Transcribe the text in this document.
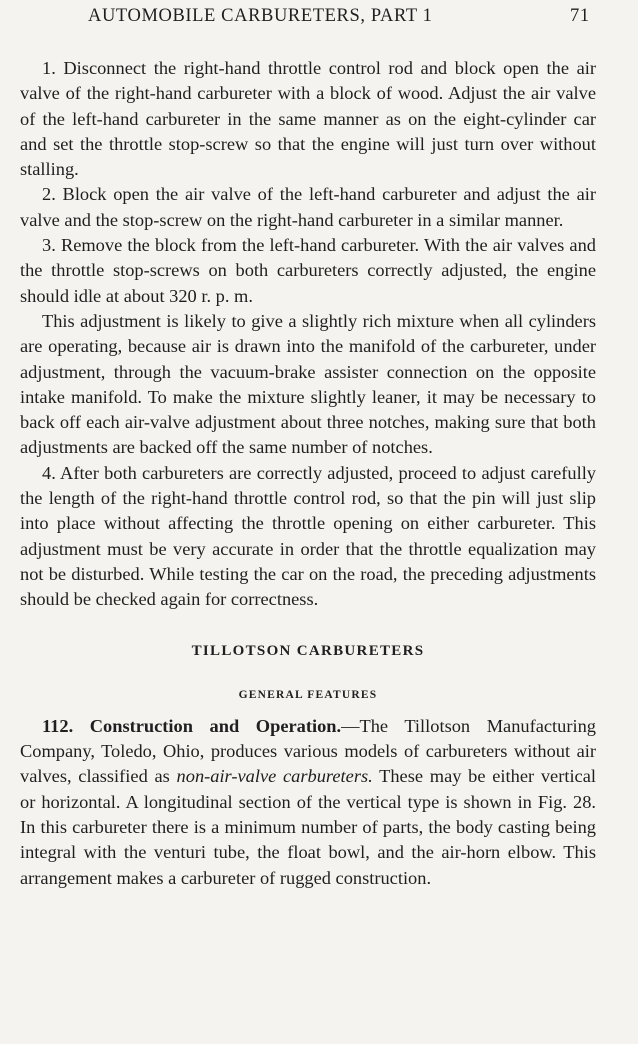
AUTOMOBILE CARBURETERS, PART 1	71

1. Disconnect the right-hand throttle control rod and block open the air valve of the right-hand carbureter with a block of wood. Adjust the air valve of the left-hand carbureter in the same manner as on the eight-cylinder car and set the throttle stop-screw so that the engine will just turn over without stalling.

2. Block open the air valve of the left-hand carbureter and adjust the air valve and the stop-screw on the right-hand carbureter in a similar manner.

3. Remove the block from the left-hand carbureter. With the air valves and the throttle stop-screws on both carbureters correctly adjusted, the engine should idle at about 320 r. p. m.

This adjustment is likely to give a slightly rich mixture when all cylinders are operating, because air is drawn into the manifold of the carbureter, under adjustment, through the vacuum-brake assister connection on the opposite intake manifold. To make the mixture slightly leaner, it may be necessary to back off each air-valve adjustment about three notches, making sure that both adjustments are backed off the same number of notches.

4. After both carbureters are correctly adjusted, proceed to adjust carefully the length of the right-hand throttle control rod, so that the pin will just slip into place without affecting the throttle opening on either carbureter. This adjustment must be very accurate in order that the throttle equalization may not be disturbed. While testing the car on the road, the preceding adjustments should be checked again for correctness.

TILLOTSON CARBURETERS
GENERAL FEATURES

112. Construction and Operation.—The Tillotson Manufacturing Company, Toledo, Ohio, produces various models of carbureters without air valves, classified as non-air-valve carbureters. These may be either vertical or horizontal. A longitudinal section of the vertical type is shown in Fig. 28. In this carbureter there is a minimum number of parts, the body casting being integral with the venturi tube, the float bowl, and the air-horn elbow. This arrangement makes a carbureter of rugged construction.
